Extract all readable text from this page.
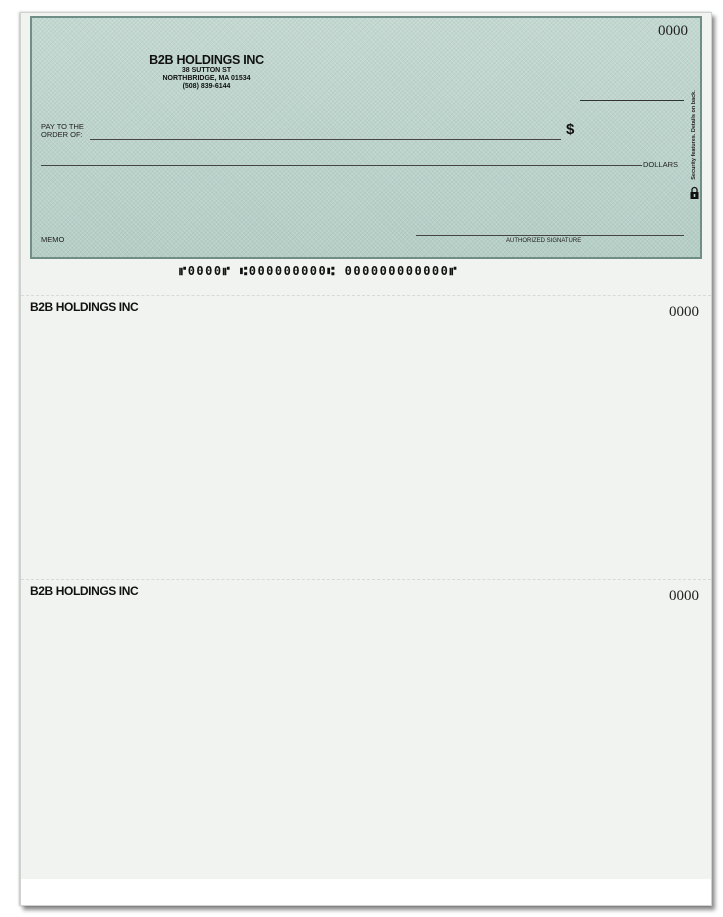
B2B HOLDINGS INC
38 SUTTON ST
NORTHBRIDGE, MA 01534
(508) 839-6144
0000
PAY TO THE
ORDER OF:	$
DOLLARS
MEMO	AUTHORIZED SIGNATURE
Security features. Details on back.
⑈0000⑈ ⑆000000000⑆ 000000000000⑈
B2B HOLDINGS INC	0000
B2B HOLDINGS INC	0000
